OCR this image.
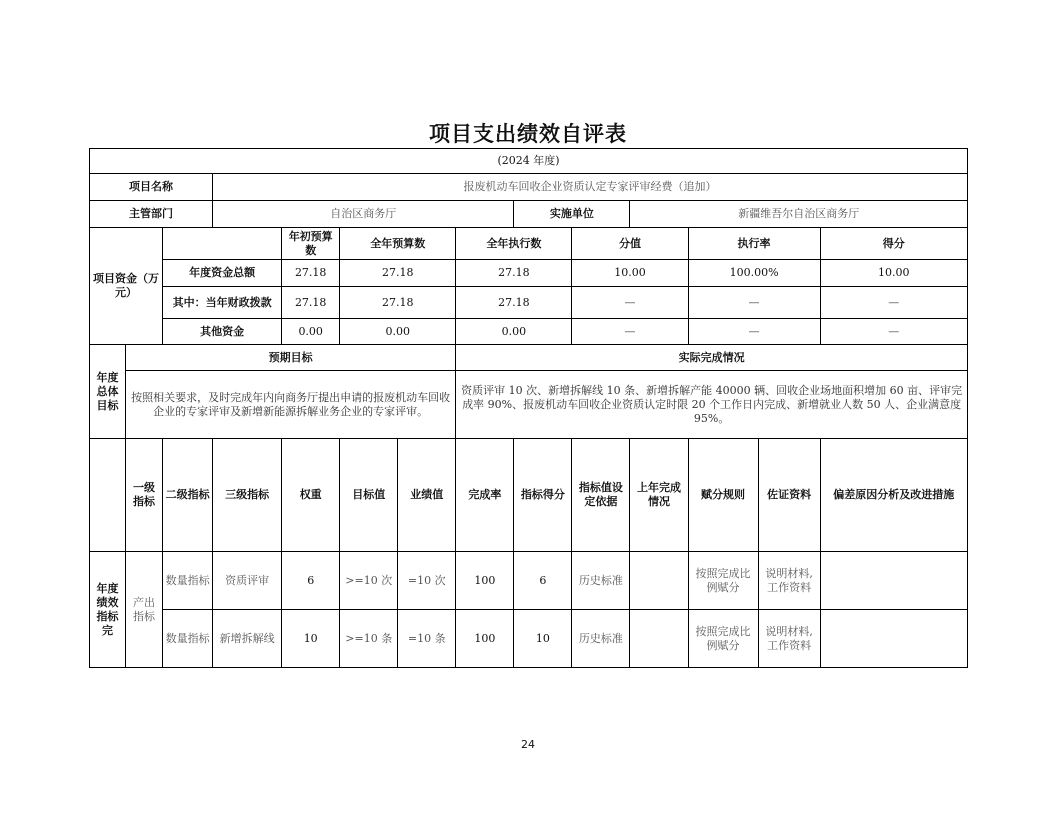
项目支出绩效自评表
(2024 年度)													
项目名称			报废机动车回收企业资质认定专家评审经费（追加）										
主管部门			自治区商务厅					实施单位		新疆维吾尔自治区商务厅			
项目资金（万元）				年初预算数	全年预算数		全年执行数		分值		执行率		得分
		年度资金总额		27.18	27.18		27.18		10.00		100.00%		10.00
		其中：当年财政拨款		27.18	27.18		27.18		—		—		—
		其他资金		0.00	0.00		0.00		—		—		—
年度总体目标	预期目标						实际完成情况						
	按照相关要求，及时完成年内向商务厅提出申请的报废机动车回收企业的专家评审及新增新能源拆解业务企业的专家评审。						资质评审 10 次、新增拆解线 10 条、新增拆解产能 40000 辆、回收企业场地面积增加 60 亩、评审完成率 90%、报废机动车回收企业资质认定时限 20 个工作日内完成、新增就业人数 50 人、企业满意度 95%。						
	一级指标	二级指标	三级指标	权重	目标值	业绩值	完成率	指标得分	指标值设定依据	上年完成情况	赋分规则	佐证资料	偏差原因分析及改进措施
年度绩效指标完	产出指标	数量指标	资质评审	6	>=10 次	=10 次	100	6	历史标准		按照完成比例赋分	说明材料,工作资料	
		数量指标	新增拆解线	10	>=10 条	=10 条	100	10	历史标准		按照完成比例赋分	说明材料,工作资料	
24
